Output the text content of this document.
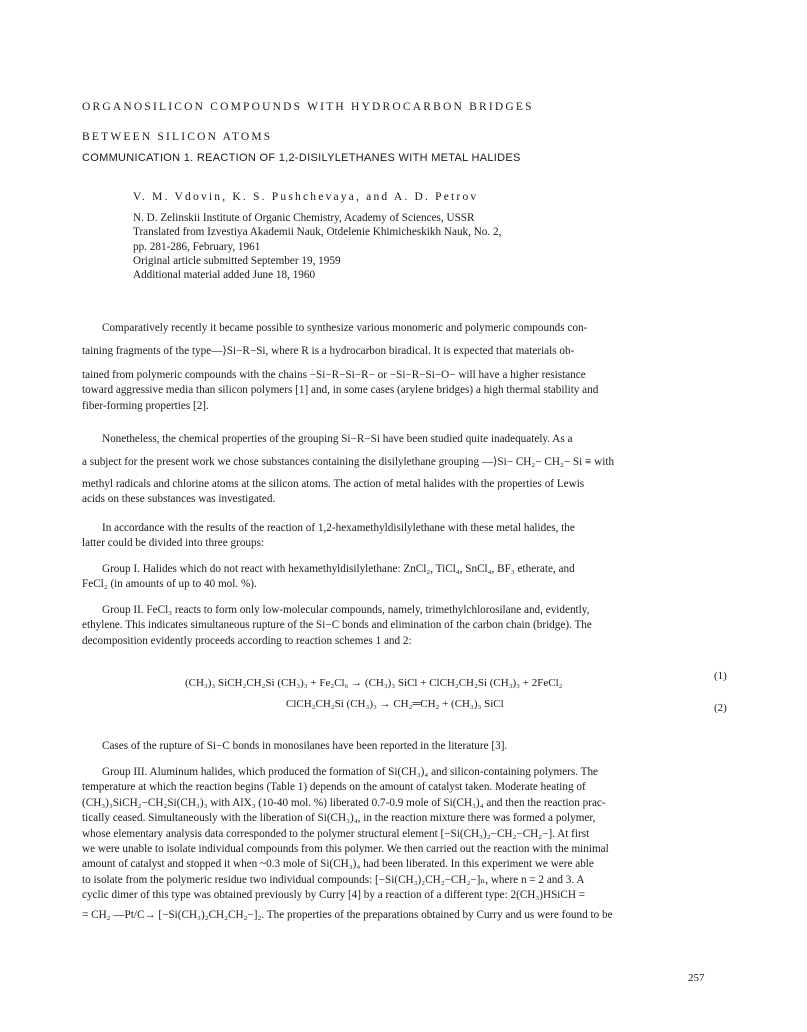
ORGANOSILICON COMPOUNDS WITH HYDROCARBON BRIDGES
BETWEEN SILICON ATOMS
COMMUNICATION 1. REACTION OF 1,2-DISILYLETHANES WITH METAL HALIDES
V. M. Vdovin, K. S. Pushchevaya, and A. D. Petrov
N. D. Zelinskii Institute of Organic Chemistry, Academy of Sciences, USSR
Translated from Izvestiya Akademii Nauk, Otdelenie Khimicheskikh Nauk, No. 2,
pp. 281-286, February, 1961
Original article submitted September 19, 1959
Additional material added June 18, 1960
Comparatively recently it became possible to synthesize various monomeric and polymeric compounds con-
taining fragments of the type—⟩Si−R−Si, where R is a hydrocarbon biradical. It is expected that materials ob-
tained from polymeric compounds with the chains −Si−R−Si−R− or −Si−R−Si−O− will have a higher resistance
toward aggressive media than silicon polymers [1] and, in some cases (arylene bridges) a high thermal stability and
fiber-forming properties [2].
Nonetheless, the chemical properties of the grouping Si−R−Si have been studied quite inadequately. As a
a subject for the present work we chose substances containing the disilylethane grouping —⟩Si− CH₂− CH₂− Si ≡ with
methyl radicals and chlorine atoms at the silicon atoms. The action of metal halides with the properties of Lewis
acids on these substances was investigated.
In accordance with the results of the reaction of 1,2-hexamethyldisilylethane with these metal halides, the
latter could be divided into three groups:
Group I. Halides which do not react with hexamethyldisilylethane: ZnCl₂, TiCl₄, SnCl₄, BF₃ etherate, and
FeCl₂ (in amounts of up to 40 mol. %).
Group II. FeCl₃ reacts to form only low-molecular compounds, namely, trimethylchlorosilane and, evidently,
ethylene. This indicates simultaneous rupture of the Si−C bonds and elimination of the carbon chain (bridge). The
decomposition evidently proceeds according to reaction schemes 1 and 2:
(CH₃)₃ SiCH₂CH₂Si (CH₃)₃ + Fe₂Cl₆ → (CH₃)₃ SiCl + ClCH₂CH₂Si (CH₃)₃ + 2FeCl₂
(1)
ClCH₂CH₂Si (CH₃)₃ → CH₂═CH₂ + (CH₃)₃ SiCl	(2)
Cases of the rupture of Si−C bonds in monosilanes have been reported in the literature [3].
Group III. Aluminum halides, which produced the formation of Si(CH₃)₄ and silicon-containing polymers. The
temperature at which the reaction begins (Table 1) depends on the amount of catalyst taken. Moderate heating of
(CH₃)₃SiCH₂−CH₂Si(CH₃)₃ with AlX₃ (10-40 mol. %) liberated 0.7-0.9 mole of Si(CH₃)₄ and then the reaction prac-
tically ceased. Simultaneously with the liberation of Si(CH₃)₄, in the reaction mixture there was formed a polymer,
whose elementary analysis data corresponded to the polymer structural element [−Si(CH₃)₂−CH₂−CH₂−]. At first
we were unable to isolate individual compounds from this polymer. We then carried out the reaction with the minimal
amount of catalyst and stopped it when ~0.3 mole of Si(CH₃)₄ had been liberated. In this experiment we were able
to isolate from the polymeric residue two individual compounds: [−Si(CH₃)₂CH₂−CH₂−]ₙ, where n = 2 and 3. A
cyclic dimer of this type was obtained previously by Curry [4] by a reaction of a different type: 2(CH₃)HSiCH =
= CH₂ —Pt/C→ [−Si(CH₃)₂CH₂CH₂−]₂. The properties of the preparations obtained by Curry and us were found to be
257
